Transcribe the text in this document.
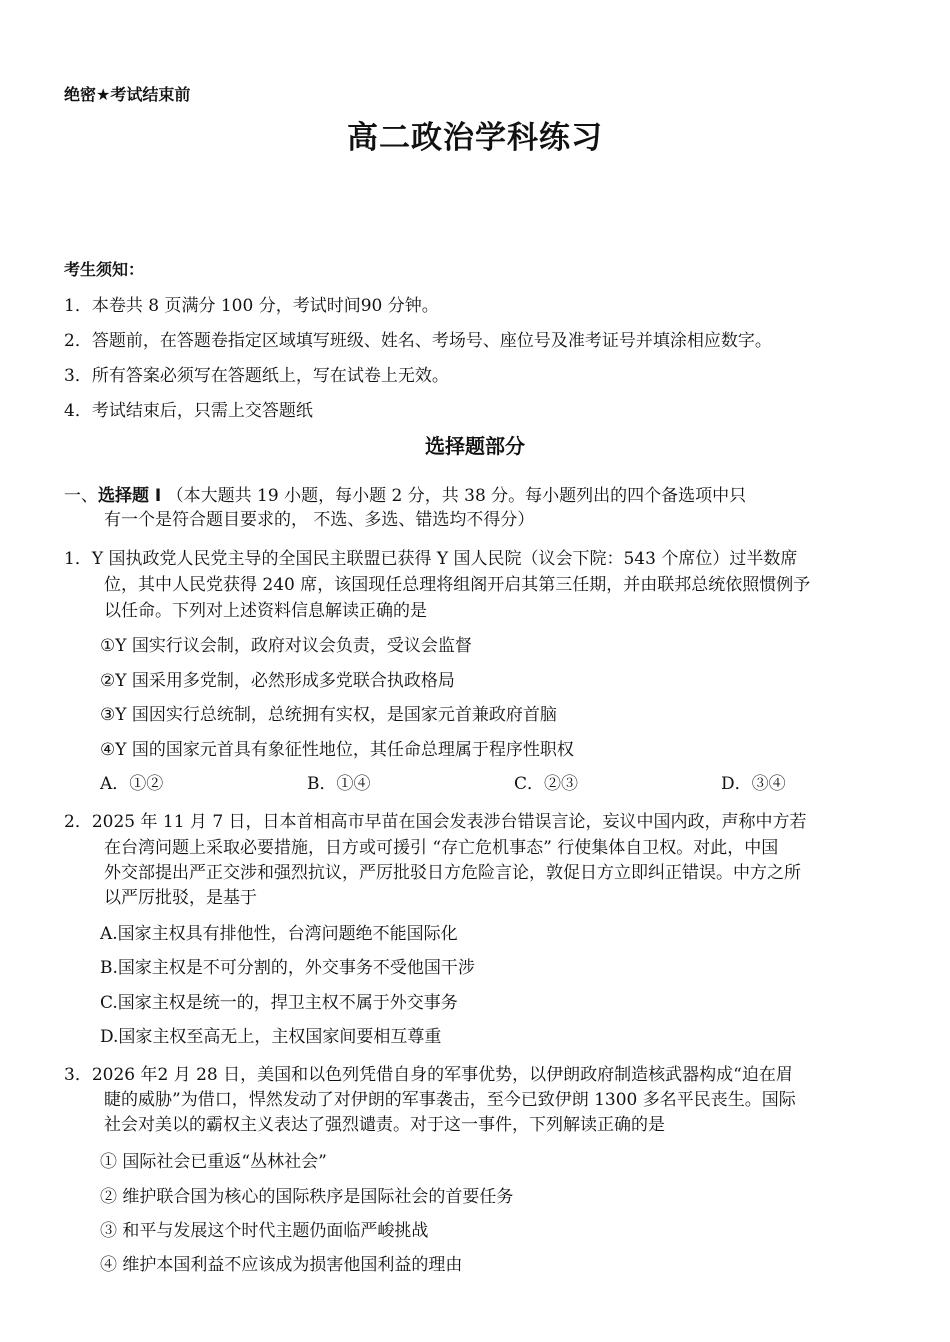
绝密★考试结束前
高二政治学科练习
考生须知：
1．本卷共 8 页满分 100 分，考试时间90 分钟。
2．答题前，在答题卷指定区域填写班级、姓名、考场号、座位号及准考证号并填涂相应数字。
3．所有答案必须写在答题纸上，写在试卷上无效。
4．考试结束后，只需上交答题纸
选择题部分
一、选择题 Ⅰ （本大题共 19 小题，每小题 2 分，共 38 分。每小题列出的四个备选项中只
有一个是符合题目要求的， 不选、多选、错选均不得分）
1．Y 国执政党人民党主导的全国民主联盟已获得 Y 国人民院（议会下院：543 个席位）过半数席
位，其中人民党获得 240 席，该国现任总理将组阁开启其第三任期，并由联邦总统依照惯例予
以任命。下列对上述资料信息解读正确的是
①Y 国实行议会制，政府对议会负责，受议会监督
②Y 国采用多党制，必然形成多党联合执政格局
③Y 国因实行总统制，总统拥有实权，是国家元首兼政府首脑
④Y 国的国家元首具有象征性地位，其任命总理属于程序性职权
A．①②	B．①④	C．②③	D．③④
2．2025 年 11 月 7 日，日本首相高市早苗在国会发表涉台错误言论，妄议中国内政，声称中方若
在台湾问题上采取必要措施，日方或可援引 “存亡危机事态” 行使集体自卫权。对此，中国
外交部提出严正交涉和强烈抗议，严厉批驳日方危险言论，敦促日方立即纠正错误。中方之所
以严厉批驳，是基于
A.国家主权具有排他性，台湾问题绝不能国际化
B.国家主权是不可分割的，外交事务不受他国干涉
C.国家主权是统一的，捍卫主权不属于外交事务
D.国家主权至高无上，主权国家间要相互尊重
3．2026 年2 月 28 日，美国和以色列凭借自身的军事优势，以伊朗政府制造核武器构成“迫在眉
睫的威胁”为借口，悍然发动了对伊朗的军事袭击，至今已致伊朗 1300 多名平民丧生。国际
社会对美以的霸权主义表达了强烈谴责。对于这一事件，下列解读正确的是
① 国际社会已重返“丛林社会”
② 维护联合国为核心的国际秩序是国际社会的首要任务
③ 和平与发展这个时代主题仍面临严峻挑战
④ 维护本国利益不应该成为损害他国利益的理由
